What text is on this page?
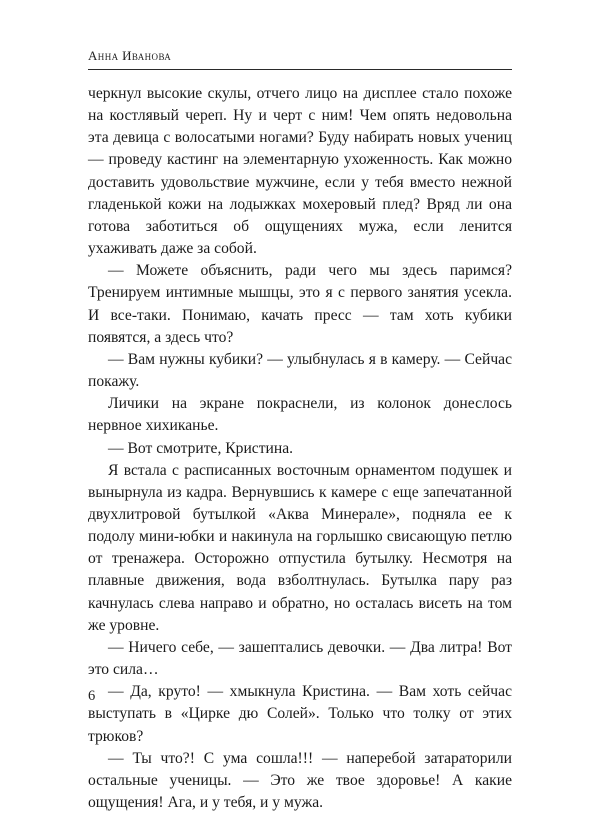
Анна Иванова

черкнул высокие скулы, отчего лицо на дисплее стало похоже на костлявый череп. Ну и черт с ним! Чем опять недовольна эта девица с волосатыми ногами? Буду набирать новых учениц — проведу кастинг на элементарную ухоженность. Как можно доставить удовольствие мужчине, если у тебя вместо нежной гладенькой кожи на лодыжках мохеровый плед? Вряд ли она готова заботиться об ощущениях мужа, если ленится ухаживать даже за собой.

— Можете объяснить, ради чего мы здесь паримся? Тренируем интимные мышцы, это я с первого занятия усекла. И все-таки. Понимаю, качать пресс — там хоть кубики появятся, а здесь что?

— Вам нужны кубики? — улыбнулась я в камеру. — Сейчас покажу.

Личики на экране покраснели, из колонок донеслось нервное хихиканье.

— Вот смотрите, Кристина.

Я встала с расписанных восточным орнаментом подушек и вынырнула из кадра. Вернувшись к камере с еще запечатанной двухлитровой бутылкой «Аква Минерале», подняла ее к подолу мини-юбки и накинула на горлышко свисающую петлю от тренажера. Осторожно отпустила бутылку. Несмотря на плавные движения, вода взболтнулась. Бутылка пару раз качнулась слева направо и обратно, но осталась висеть на том же уровне.

— Ничего себе, — зашептались девочки. — Два литра! Вот это сила…

— Да, круто! — хмыкнула Кристина. — Вам хоть сейчас выступать в «Цирке дю Солей». Только что толку от этих трюков?

— Ты что?! С ума сошла!!! — наперебой затараторили остальные ученицы. — Это же твое здоровье! А какие ощущения! Ага, и у тебя, и у мужа.

6
